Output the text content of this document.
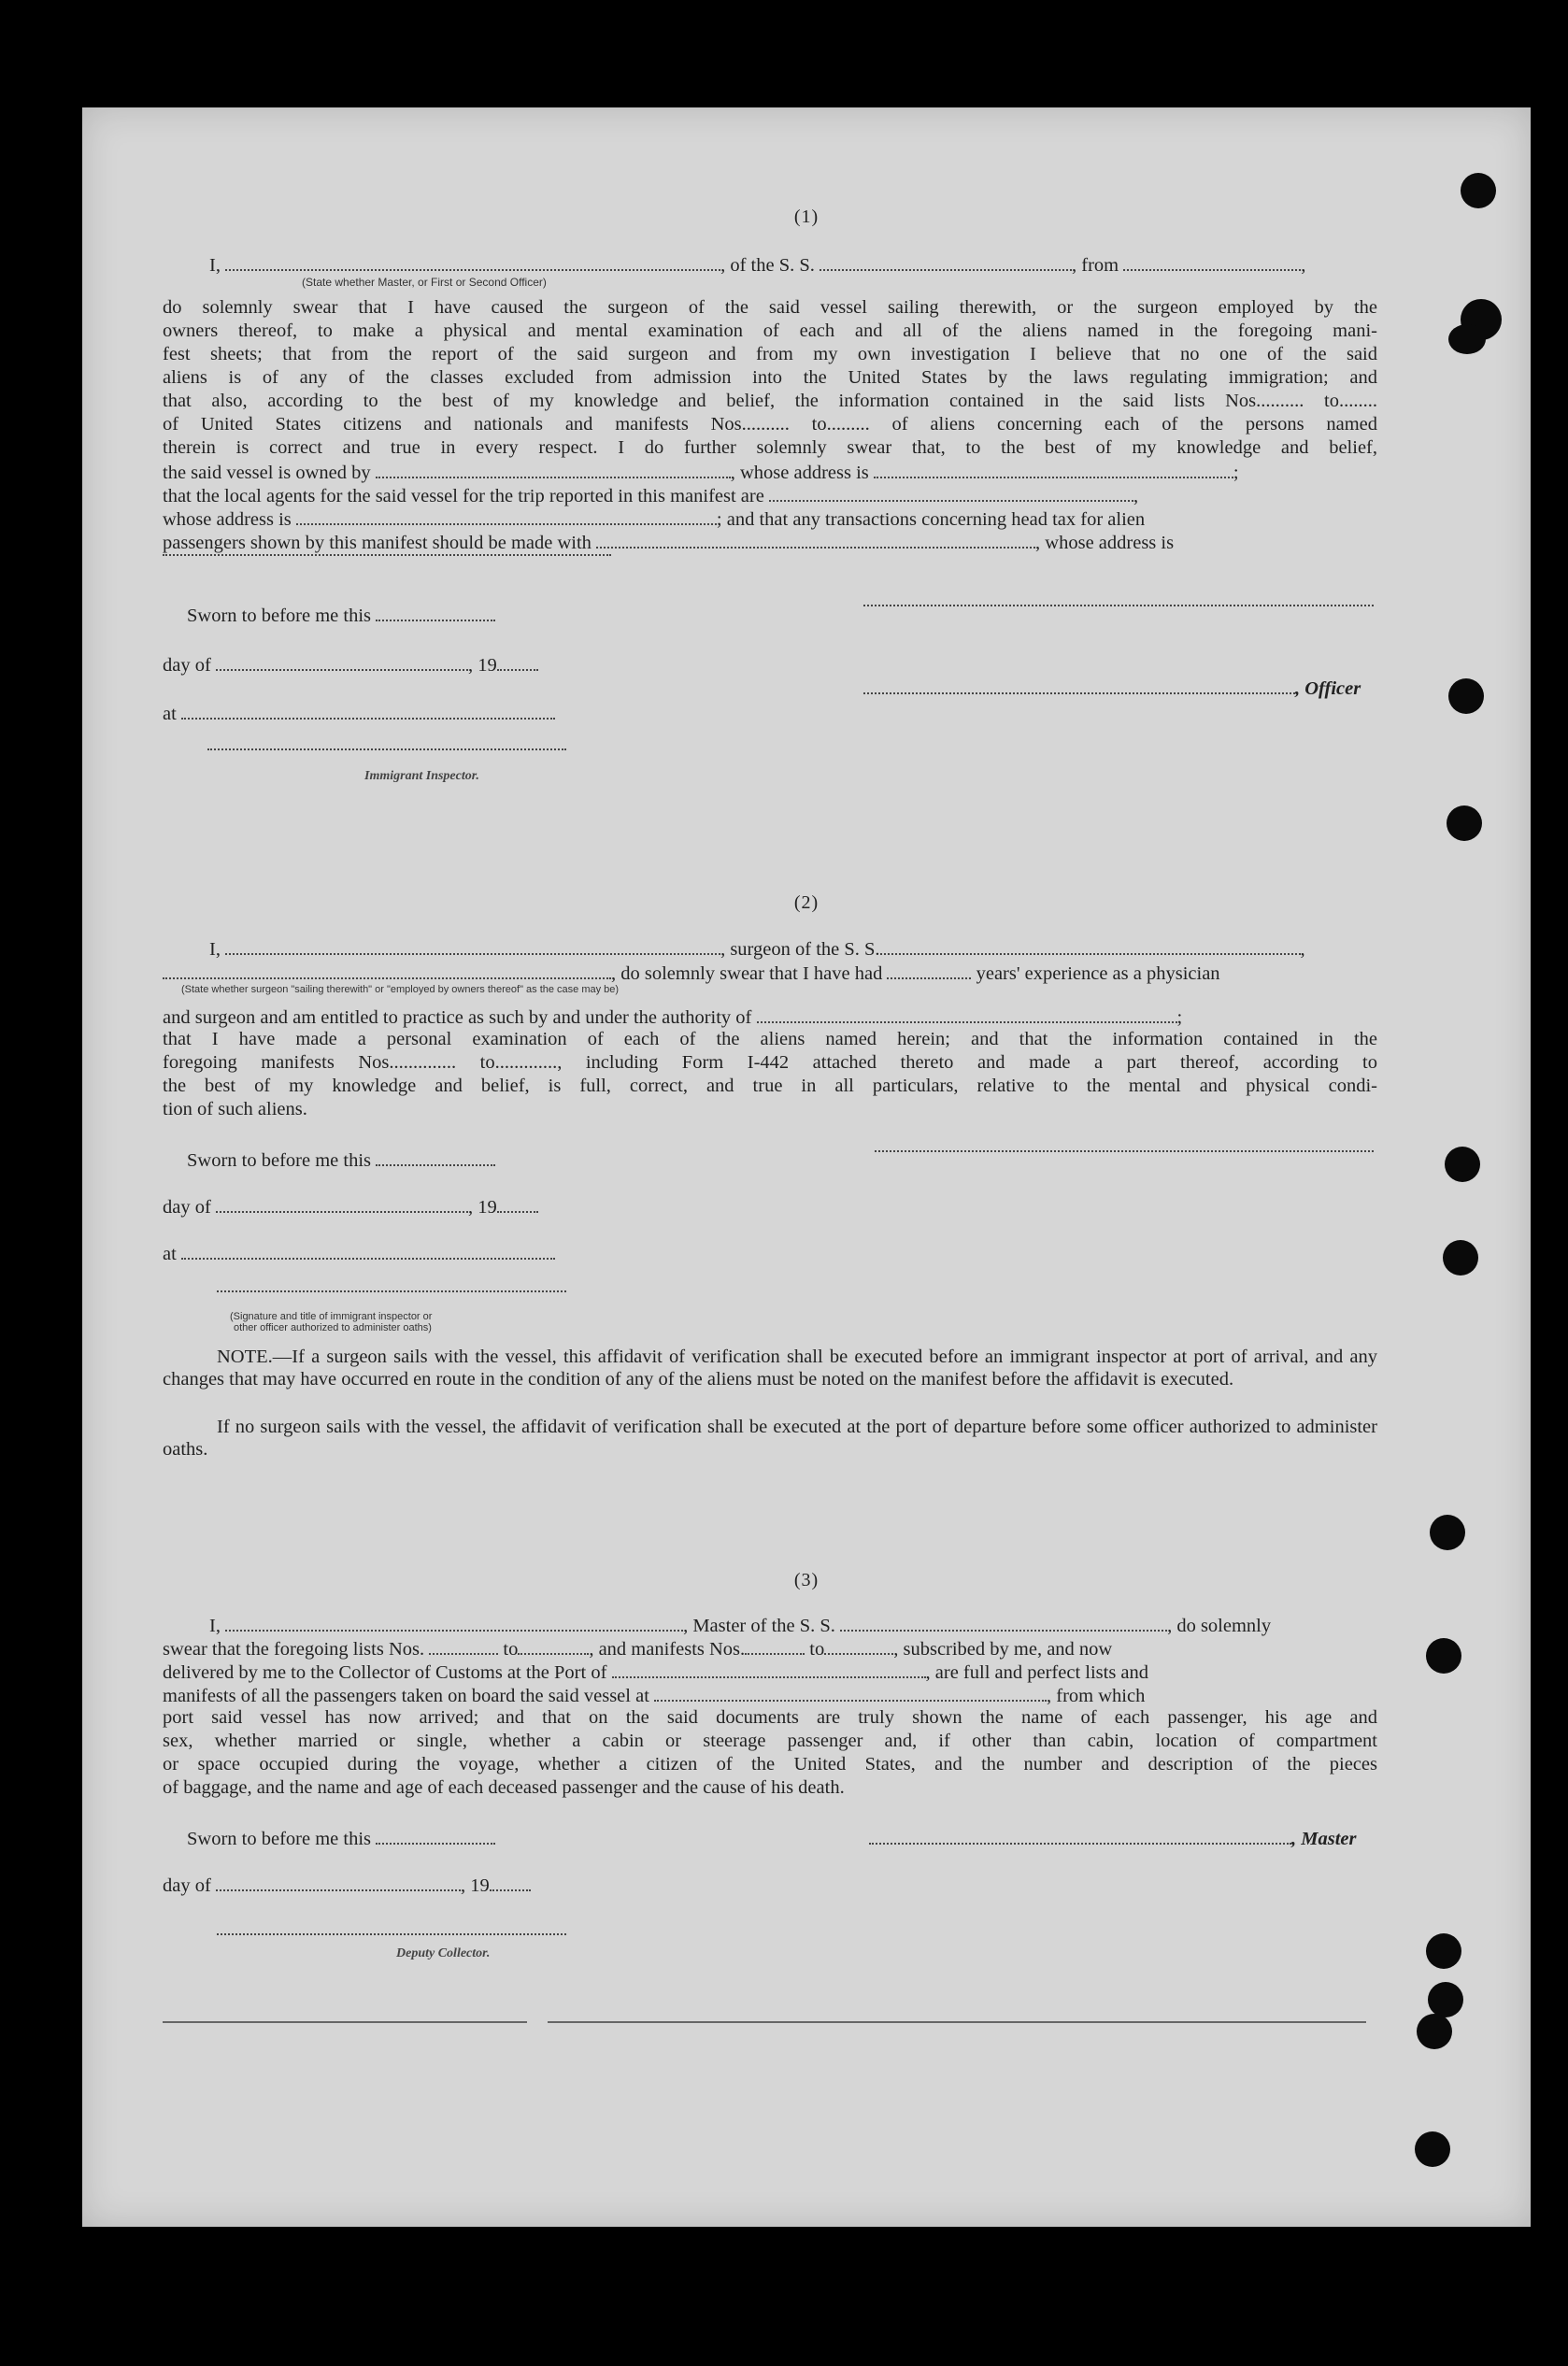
(1)
I,	, of the S. S.	, from	,
(State whether Master, or First or Second Officer)
do solemnly swear that I have caused the surgeon of the said vessel sailing therewith, or the surgeon employed by the
owners thereof, to make a physical and mental examination of each and all of the aliens named in the foregoing mani-
fest sheets; that from the report of the said surgeon and from my own investigation I believe that no one of the said
aliens is of any of the classes excluded from admission into the United States by the laws regulating immigration; and
that also, according to the best of my knowledge and belief, the information contained in the said lists Nos.......... to........
of United States citizens and nationals and manifests Nos.......... to......... of aliens concerning each of the persons named
therein is correct and true in every respect. I do further solemnly swear that, to the best of my knowledge and belief,
the said vessel is owned by	, whose address is	;
that the local agents for the said vessel for the trip reported in this manifest are	,
whose address is	; and that any transactions concerning head tax for alien
passengers shown by this manifest should be made with	, whose address is
Sworn to before me this
day of	, 19
, Officer
at
Immigrant Inspector.
(2)
I,	, surgeon of the S. S.	,
, do solemnly swear that I have had	years' experience as a physician
(State whether surgeon "sailing therewith" or "employed by owners thereof" as the case may be)
and surgeon and am entitled to practice as such by and under the authority of	;
that I have made a personal examination of each of the aliens named herein; and that the information contained in the
foregoing manifests Nos.............. to............., including Form I-442 attached thereto and made a part thereof, according to
the best of my knowledge and belief, is full, correct, and true in all particulars, relative to the mental and physical condi-
tion of such aliens.
Sworn to before me this
day of	, 19
at
(Signature and title of immigrant inspector or
other officer authorized to administer oaths)
NOTE.—If a surgeon sails with the vessel, this affidavit of verification shall be executed before an immigrant inspector at port of arrival, and any changes that may have occurred en route in the condition of any of the aliens must be noted on the manifest before the affidavit is executed.
If no surgeon sails with the vessel, the affidavit of verification shall be executed at the port of departure before some officer authorized to administer oaths.
(3)
I,	, Master of the S. S.	, do solemnly
swear that the foregoing lists Nos.	to	, and manifests Nos.	to	, subscribed by me, and now
delivered by me to the Collector of Customs at the Port of	, are full and perfect lists and
manifests of all the passengers taken on board the said vessel at	, from which
port said vessel has now arrived; and that on the said documents are truly shown the name of each passenger, his age and
sex, whether married or single, whether a cabin or steerage passenger and, if other than cabin, location of compartment
or space occupied during the voyage, whether a citizen of the United States, and the number and description of the pieces
of baggage, and the name and age of each deceased passenger and the cause of his death.
Sworn to before me this	, Master
day of	, 19
Deputy Collector.
